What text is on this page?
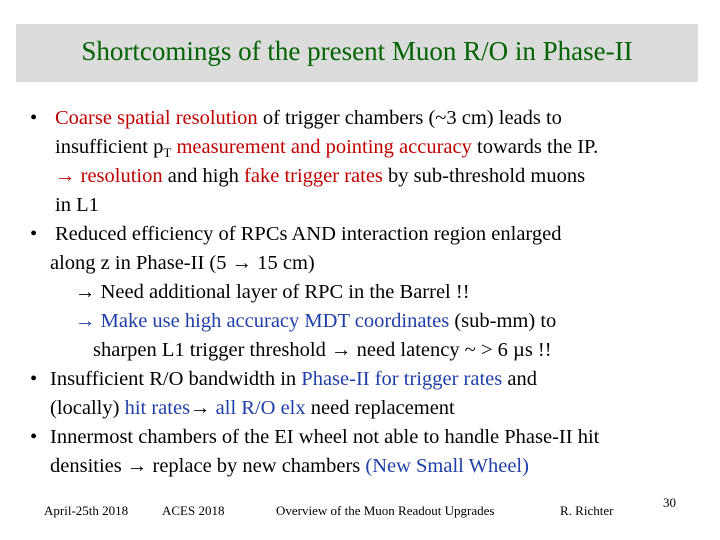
Shortcomings of the present Muon R/O in Phase-II
• Coarse spatial resolution of trigger chambers (~3 cm) leads to
insufficient $p_T$ measurement and pointing accuracy towards the IP.
→ resolution and high fake trigger rates by sub-threshold muons
in L1
• Reduced efficiency of RPCs AND interaction region enlarged
along z in Phase-II (5 → 15 cm)
→ Need additional layer of RPC in the Barrel !!
→ Make use high accuracy MDT coordinates (sub-mm) to
sharpen L1 trigger threshold → need latency ~ > 6 µs !!
• Insufficient R/O bandwidth in Phase-II for trigger rates and
(locally) hit rates→ all R/O elx need replacement
• Innermost chambers of the EI wheel not able to handle Phase-II hit
densities → replace by new chambers (New Small Wheel)
April-25th 2018	ACES 2018	Overview of the Muon Readout Upgrades	R. Richter
30
